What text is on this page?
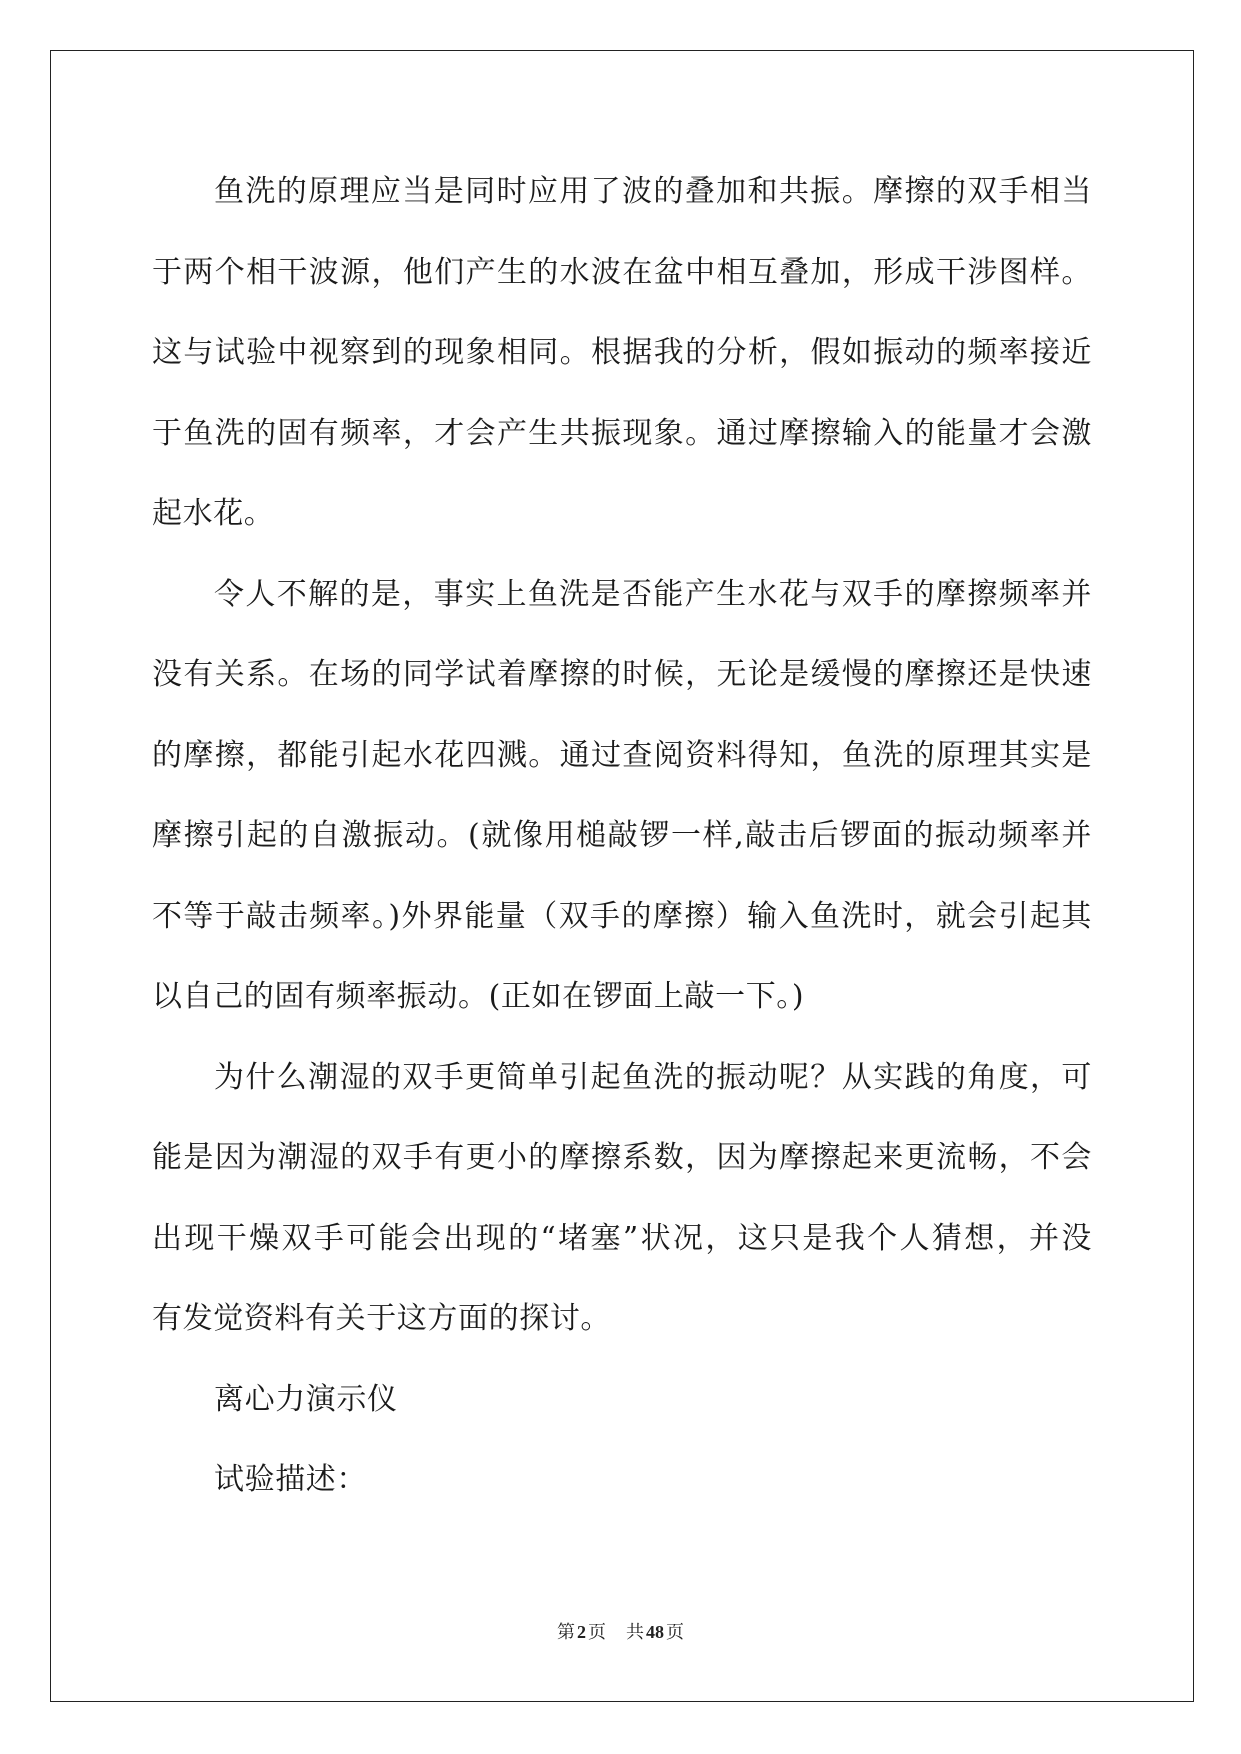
鱼洗的原理应当是同时应用了波的叠加和共振。摩擦的双手相当
于两个相干波源，他们产生的水波在盆中相互叠加，形成干涉图样。
这与试验中视察到的现象相同。根据我的分析，假如振动的频率接近
于鱼洗的固有频率，才会产生共振现象。通过摩擦输入的能量才会激
起水花。
令人不解的是，事实上鱼洗是否能产生水花与双手的摩擦频率并
没有关系。在场的同学试着摩擦的时候，无论是缓慢的摩擦还是快速
的摩擦，都能引起水花四溅。通过查阅资料得知，鱼洗的原理其实是
摩擦引起的自激振动。(就像用槌敲锣一样,敲击后锣面的振动频率并
不等于敲击频率。)外界能量（双手的摩擦）输入鱼洗时，就会引起其
以自己的固有频率振动。(正如在锣面上敲一下。)
为什么潮湿的双手更简单引起鱼洗的振动呢？从实践的角度，可
能是因为潮湿的双手有更小的摩擦系数，因为摩擦起来更流畅，不会
出现干燥双手可能会出现的“堵塞”状况，这只是我个人猜想，并没
有发觉资料有关于这方面的探讨。
离心力演示仪
试验描述：
第 2 页 共 48 页
